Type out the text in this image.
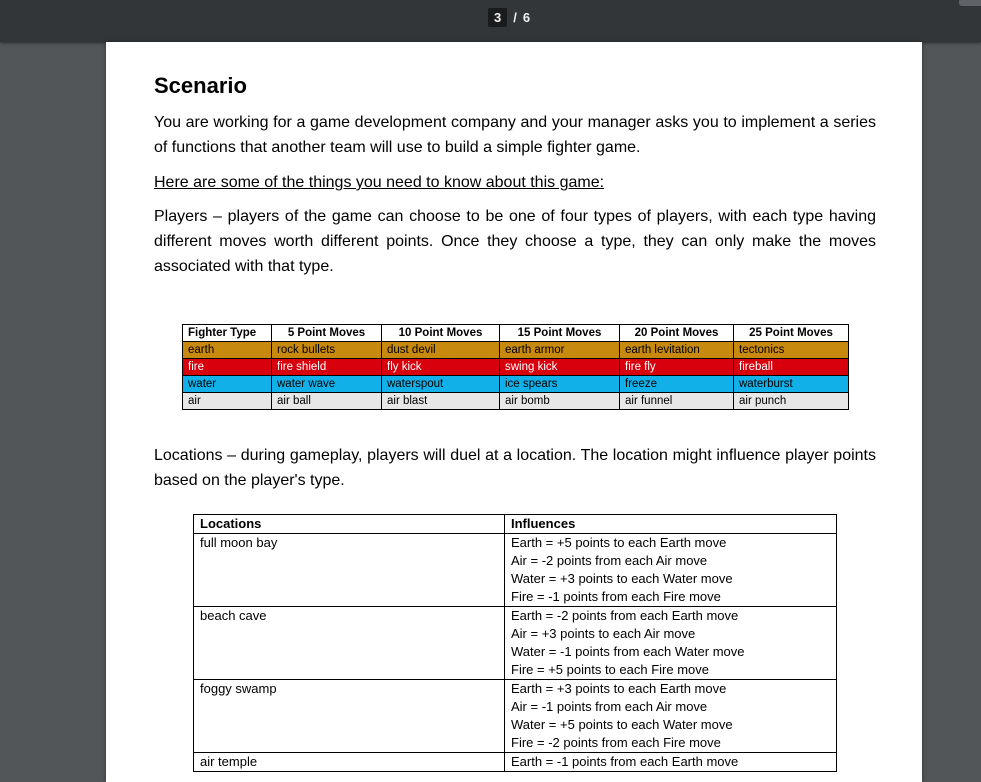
3 / 6
Scenario
You are working for a game development company and your manager asks you to implement a series of functions that another team will use to build a simple fighter game.
Here are some of the things you need to know about this game:
Players – players of the game can choose to be one of four types of players, with each type having different moves worth different points. Once they choose a type, they can only make the moves associated with that type.
Fighter Type	5 Point Moves	10 Point Moves	15 Point Moves	20 Point Moves	25 Point Moves
earth	rock bullets	dust devil	earth armor	earth levitation	tectonics
fire	fire shield	fly kick	swing kick	fire fly	fireball
water	water wave	waterspout	ice spears	freeze	waterburst
air	air ball	air blast	air bomb	air funnel	air punch
Locations – during gameplay, players will duel at a location. The location might influence player points based on the player's type.
Locations	Influences
full moon bay	Earth = +5 points to each Earth move
Air = -2 points from each Air move
Water = +3 points to each Water move
Fire = -1 points from each Fire move

beach cave	Earth = -2 points from each Earth move
Air = +3 points to each Air move
Water = -1 points from each Water move
Fire = +5 points to each Fire move

foggy swamp	Earth = +3 points to each Earth move
Air = -1 points from each Air move
Water = +5 points to each Water move
Fire = -2 points from each Fire move

air temple	Earth = -1 points from each Earth move
